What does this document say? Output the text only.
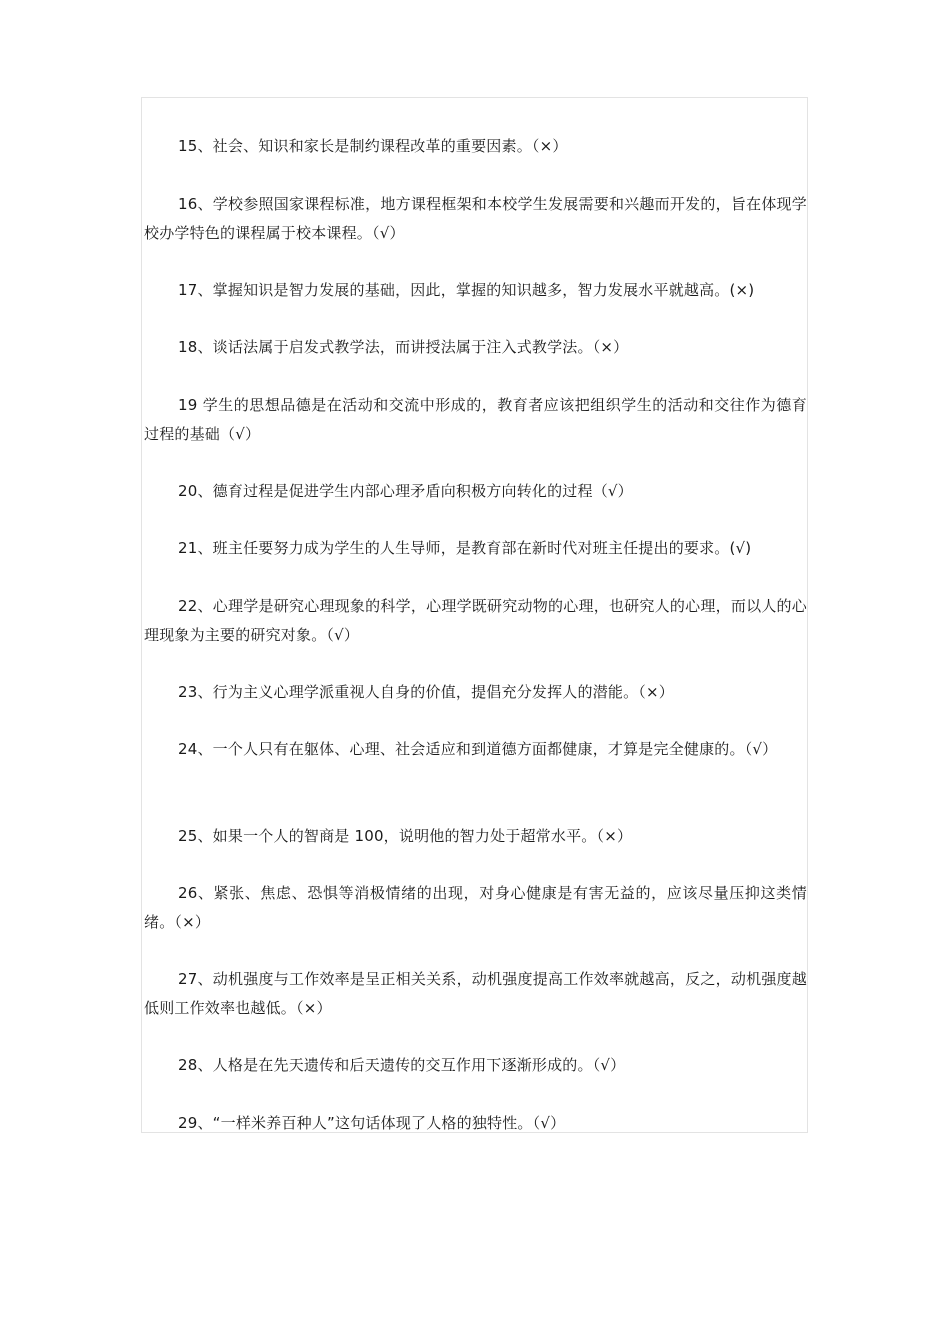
15、社会、知识和家长是制约课程改革的重要因素。（×）

16、学校参照国家课程标准，地方课程框架和本校学生发展需要和兴趣而开发的，旨在体现学校办学特色的课程属于校本课程。（√）

17、掌握知识是智力发展的基础，因此，掌握的知识越多，智力发展水平就越高。(×)

18、谈话法属于启发式教学法，而讲授法属于注入式教学法。（×）

19 学生的思想品德是在活动和交流中形成的，教育者应该把组织学生的活动和交往作为德育过程的基础（√）

20、德育过程是促进学生内部心理矛盾向积极方向转化的过程（√）

21、班主任要努力成为学生的人生导师，是教育部在新时代对班主任提出的要求。(√)

22、心理学是研究心理现象的科学，心理学既研究动物的心理，也研究人的心理，而以人的心理现象为主要的研究对象。（√）

23、行为主义心理学派重视人自身的价值，提倡充分发挥人的潜能。（×）

24、一个人只有在躯体、心理、社会适应和到道德方面都健康，才算是完全健康的。（√）

25、如果一个人的智商是 100，说明他的智力处于超常水平。（×）

26、紧张、焦虑、恐惧等消极情绪的出现，对身心健康是有害无益的，应该尽量压抑这类情绪。（×）

27、动机强度与工作效率是呈正相关关系，动机强度提高工作效率就越高，反之，动机强度越低则工作效率也越低。（×）

28、人格是在先天遗传和后天遗传的交互作用下逐渐形成的。（√）

29、“一样米养百种人”这句话体现了人格的独特性。（√）
